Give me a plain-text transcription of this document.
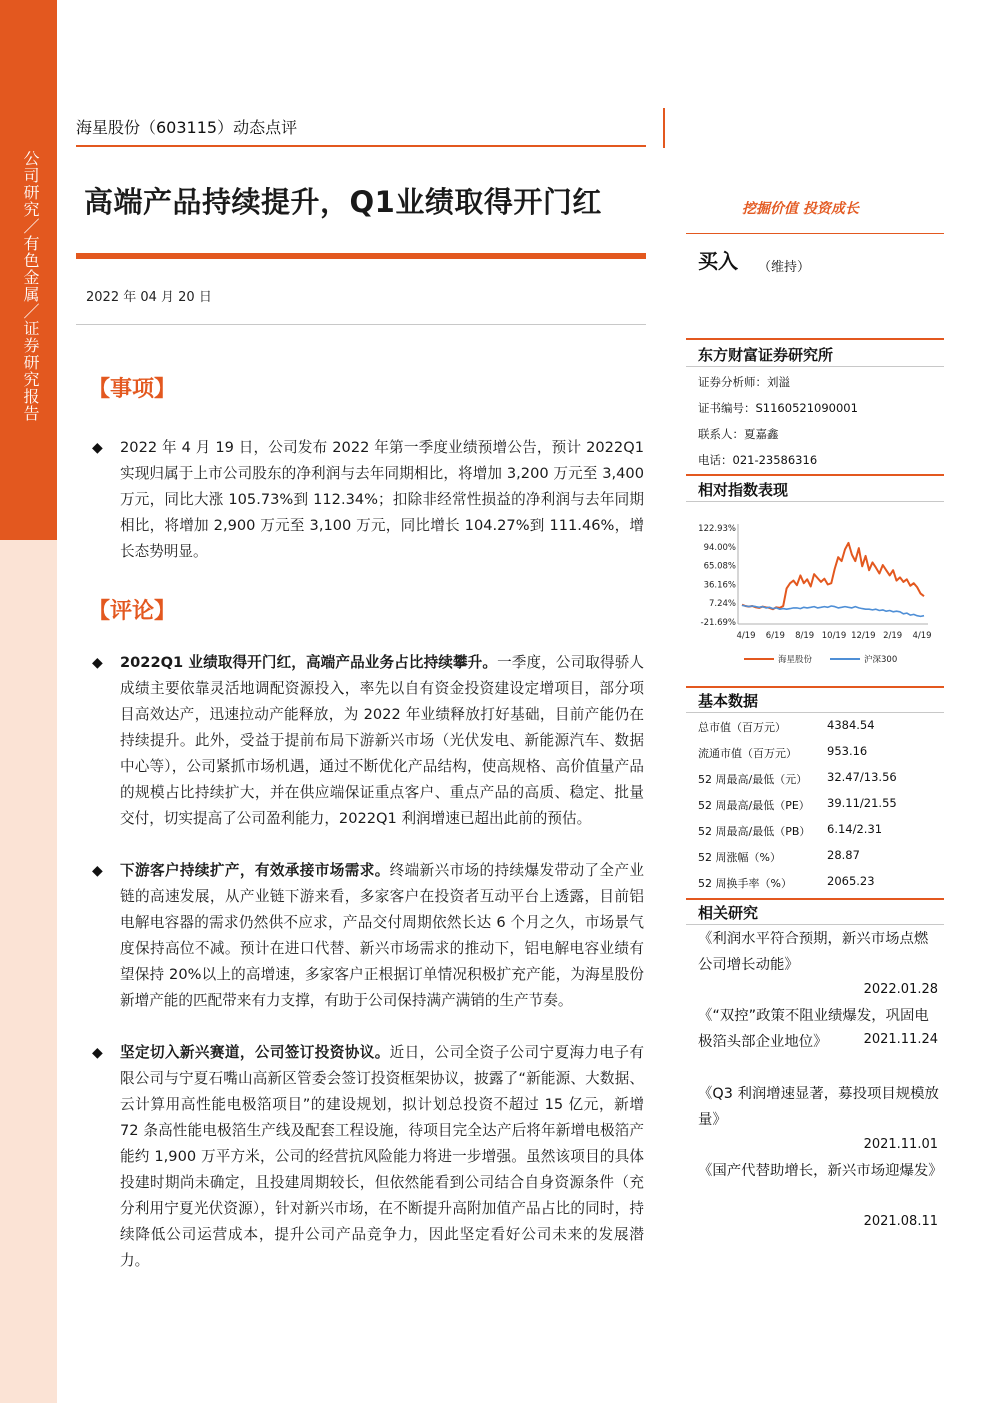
公司研究／有色金属／证券研究报告
海星股份（603115）动态点评
高端产品持续提升，Q1业绩取得开门红
2022 年 04 月 20 日
【事项】
◆ 2022 年 4 月 19 日，公司发布 2022 年第一季度业绩预增公告，预计 2022Q1 实现归属于上市公司股东的净利润与去年同期相比，将增加 3,200 万元至 3,400 万元，同比大涨 105.73%到 112.34%；扣除非经常性损益的净利润与去年同期相比，将增加 2,900 万元至 3,100 万元，同比增长 104.27%到 111.46%，增长态势明显。
【评论】
◆ 2022Q1 业绩取得开门红，高端产品业务占比持续攀升。一季度，公司取得骄人成绩主要依靠灵活地调配资源投入，率先以自有资金投资建设定增项目，部分项目高效达产，迅速拉动产能释放，为 2022 年业绩释放打好基础，目前产能仍在持续提升。此外，受益于提前布局下游新兴市场（光伏发电、新能源汽车、数据中心等），公司紧抓市场机遇，通过不断优化产品结构，使高规格、高价值量产品的规模占比持续扩大，并在供应端保证重点客户、重点产品的高质、稳定、批量交付，切实提高了公司盈利能力，2022Q1 利润增速已超出此前的预估。
◆ 下游客户持续扩产，有效承接市场需求。终端新兴市场的持续爆发带动了全产业链的高速发展，从产业链下游来看，多家客户在投资者互动平台上透露，目前铝电解电容器的需求仍然供不应求，产品交付周期依然长达 6 个月之久，市场景气度保持高位不减。预计在进口代替、新兴市场需求的推动下，铝电解电容业绩有望保持 20%以上的高增速，多家客户正根据订单情况积极扩充产能，为海星股份新增产能的匹配带来有力支撑，有助于公司保持满产满销的生产节奏。
◆ 坚定切入新兴赛道，公司签订投资协议。近日，公司全资子公司宁夏海力电子有限公司与宁夏石嘴山高新区管委会签订投资框架协议，披露了“新能源、大数据、云计算用高性能电极箔项目”的建设规划，拟计划总投资不超过 15 亿元，新增 72 条高性能电极箔生产线及配套工程设施，待项目完全达产后将年新增电极箔产能约 1,900 万平方米，公司的经营抗风险能力将进一步增强。虽然该项目的具体投建时期尚未确定，且投建周期较长，但依然能看到公司结合自身资源条件（充分利用宁夏光伏资源），针对新兴市场，在不断提升高附加值产品占比的同时，持续降低公司运营成本，提升公司产品竞争力，因此坚定看好公司未来的发展潜力。
挖掘价值 投资成长
买入 （维持）
东方财富证券研究所
证券分析师：刘溢
证书编号：S1160521090001
联系人：夏嘉鑫
电话：021-23586316
相对指数表现
122.93%
94.00%
65.08%
36.16%
7.24%
-21.69%
4/19 6/19 8/19 10/19 12/19 2/19 4/19
海星股份	沪深300
基本数据
总市值（百万元）	4384.54
流通市值（百万元）	953.16
52 周最高/最低（元） 32.47/13.56
52 周最高/最低（PE） 39.11/21.55
52 周最高/最低（PB） 6.14/2.31
52 周涨幅（%）	28.87
52 周换手率（%）	2065.23
相关研究
《利润水平符合预期，新兴市场点燃公司增长动能》
2022.01.28
《“双控”政策不阻业绩爆发，巩固电极箔头部企业地位》	2021.11.24
《Q3 利润增速显著，募投项目规模放量》
2021.11.01
《国产代替助增长，新兴市场迎爆发》
2021.08.11
